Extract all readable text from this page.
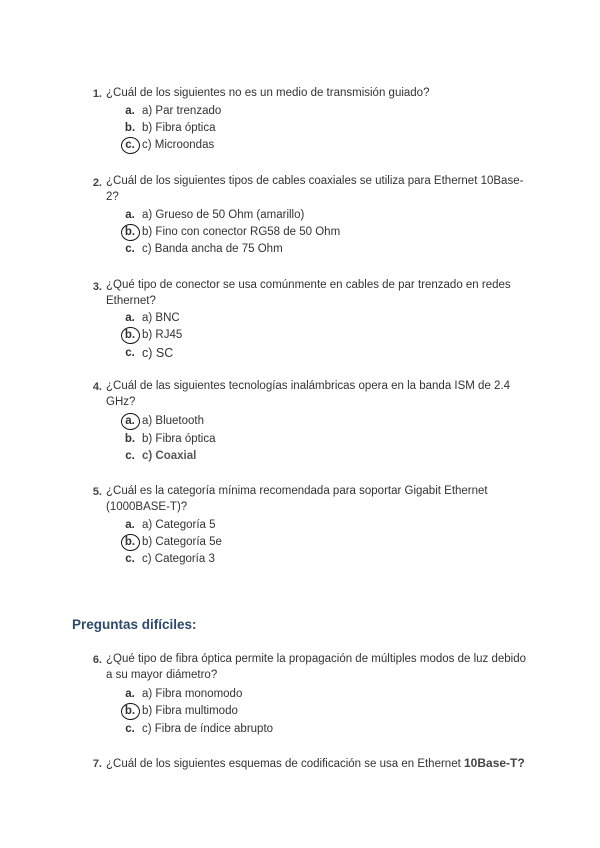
1. ¿Cuál de los siguientes no es un medio de transmisión guiado?
a. a) Par trenzado
b. b) Fibra óptica
c. c) Microondas
2. ¿Cuál de los siguientes tipos de cables coaxiales se utiliza para Ethernet 10Base-2?
a. a) Grueso de 50 Ohm (amarillo)
b. b) Fino con conector RG58 de 50 Ohm
c. c) Banda ancha de 75 Ohm
3. ¿Qué tipo de conector se usa comúnmente en cables de par trenzado en redes Ethernet?
a. a) BNC
b. b) RJ45
c. c) SC
4. ¿Cuál de las siguientes tecnologías inalámbricas opera en la banda ISM de 2.4 GHz?
a. a) Bluetooth
b. b) Fibra óptica
c. c) Coaxial
5. ¿Cuál es la categoría mínima recomendada para soportar Gigabit Ethernet (1000BASE-T)?
a. a) Categoría 5
b. b) Categoría 5e
c. c) Categoría 3
Preguntas difíciles:
6. ¿Qué tipo de fibra óptica permite la propagación de múltiples modos de luz debido a su mayor diámetro?
a. a) Fibra monomodo
b. b) Fibra multimodo
c. c) Fibra de índice abrupto
7. ¿Cuál de los siguientes esquemas de codificación se usa en Ethernet 10Base-T?
